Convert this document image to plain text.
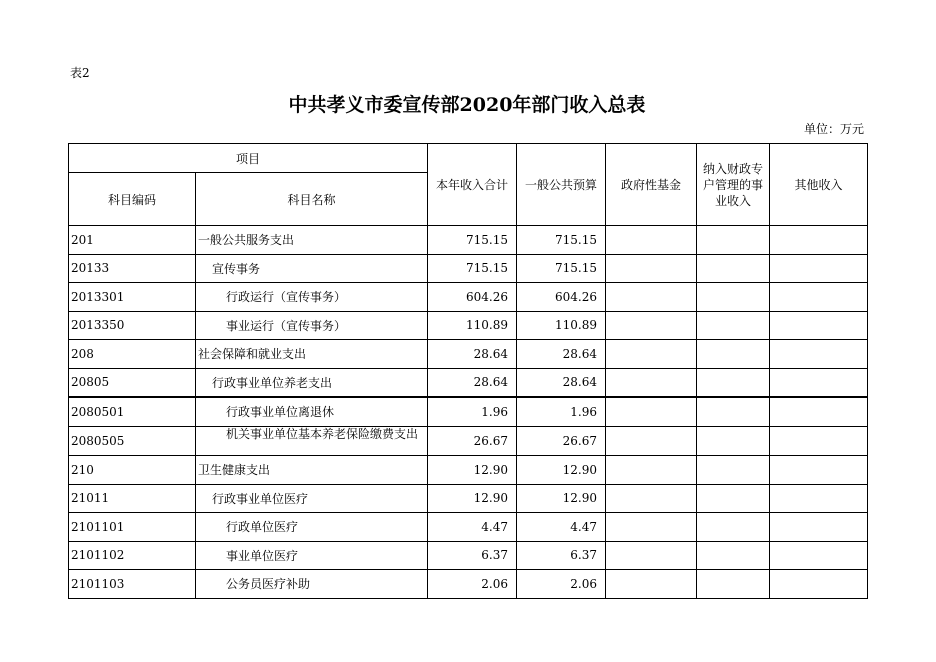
表2
中共孝义市委宣传部2020年部门收入总表
单位：万元
项目		本年收入合计	一般公共预算	政府性基金	纳入财政专户管理的事业收入	其他收入
科目编码	科目名称					
201	一般公共服务支出	715.15	715.15			
20133	宣传事务	715.15	715.15			
2013301	行政运行（宣传事务）	604.26	604.26			
2013350	事业运行（宣传事务）	110.89	110.89			
208	社会保障和就业支出	28.64	28.64			
20805	行政事业单位养老支出	28.64	28.64			
2080501	行政事业单位离退休	1.96	1.96			
2080505	机关事业单位基本养老保险缴费支出	26.67	26.67			
210	卫生健康支出	12.90	12.90			
21011	行政事业单位医疗	12.90	12.90			
2101101	行政单位医疗	4.47	4.47			
2101102	事业单位医疗	6.37	6.37			
2101103	公务员医疗补助	2.06	2.06			
